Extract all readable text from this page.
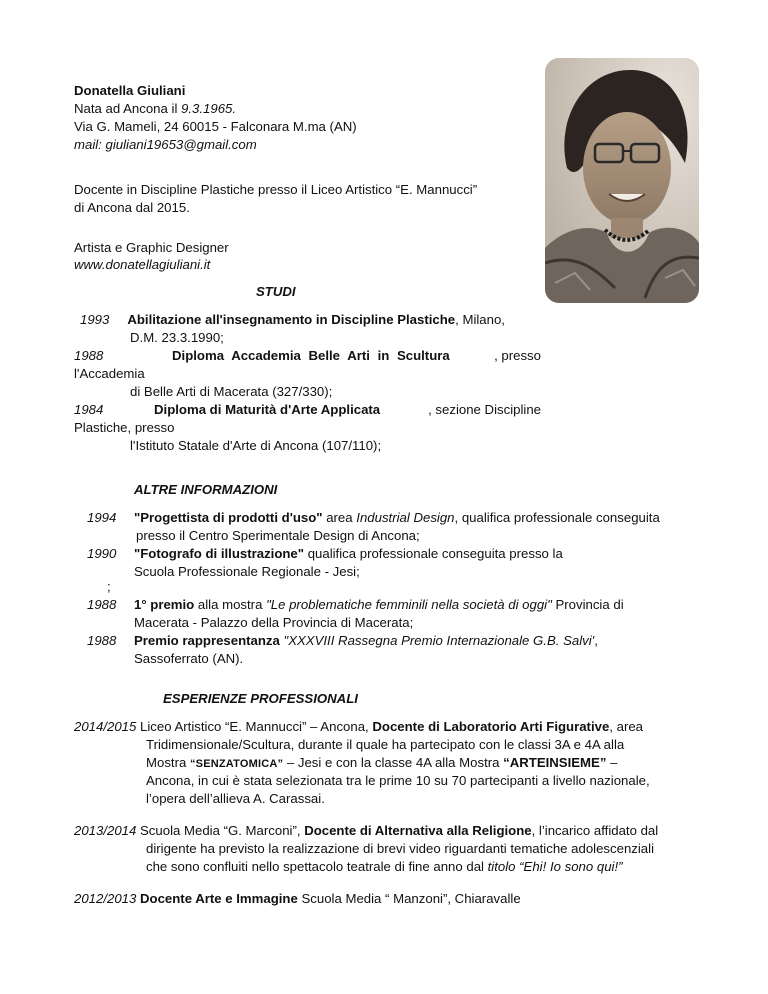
Donatella Giuliani
Nata ad Ancona il 9.3.1965.
Via G. Mameli, 24 60015 - Falconara M.ma (AN)
mail: giuliani19653@gmail.com
Docente in Discipline Plastiche presso il Liceo Artistico “E. Mannucci”
di Ancona dal 2015.
Artista e Graphic Designer
www.donatellagiuliani.it
STUDI
1993 Abilitazione all'insegnamento in Discipline Plastiche, Milano,
D.M. 23.3.1990;
1988	Diploma Accademia Belle Arti in Scultura	, presso
l'Accademia
di Belle Arti di Macerata (327/330);
1984	Diploma di Maturità d'Arte Applicata	, sezione Discipline
Plastiche, presso
l'Istituto Statale d'Arte di Ancona (107/110);
ALTRE INFORMAZIONI
1994 "Progettista di prodotti d'uso" area Industrial Design, qualifica professionale conseguita
presso il Centro Sperimentale Design di Ancona;
1990 "Fotografo di illustrazione" qualifica professionale conseguita presso la
Scuola Professionale Regionale - Jesi;
;
1988 1° premio alla mostra "Le problematiche femminili nella società di oggi" Provincia di
Macerata - Palazzo della Provincia di Macerata;
1988 Premio rappresentanza "XXXVIII Rassegna Premio Internazionale G.B. Salvi',
Sassoferrato (AN).
ESPERIENZE PROFESSIONALI
2014/2015 Liceo Artistico “E. Mannucci” – Ancona, Docente di Laboratorio Arti Figurative, area
Tridimensionale/Scultura, durante il quale ha partecipato con le classi 3A e 4A alla
Mostra “SENZATOMICA” – Jesi e con la classe 4A alla Mostra “ARTEINSIEME” –
Ancona, in cui è stata selezionata tra le prime 10 su 70 partecipanti a livello nazionale,
l’opera dell’allieva A. Carassai.
2013/2014 Scuola Media “G. Marconi”, Docente di Alternativa alla Religione, l’incarico affidato dal
dirigente ha previsto la realizzazione di brevi video riguardanti tematiche adolescenziali
che sono confluiti nello spettacolo teatrale di fine anno dal titolo “Ehi! Io sono qui!”
2012/2013 Docente Arte e Immagine Scuola Media “ Manzoni”, Chiaravalle
